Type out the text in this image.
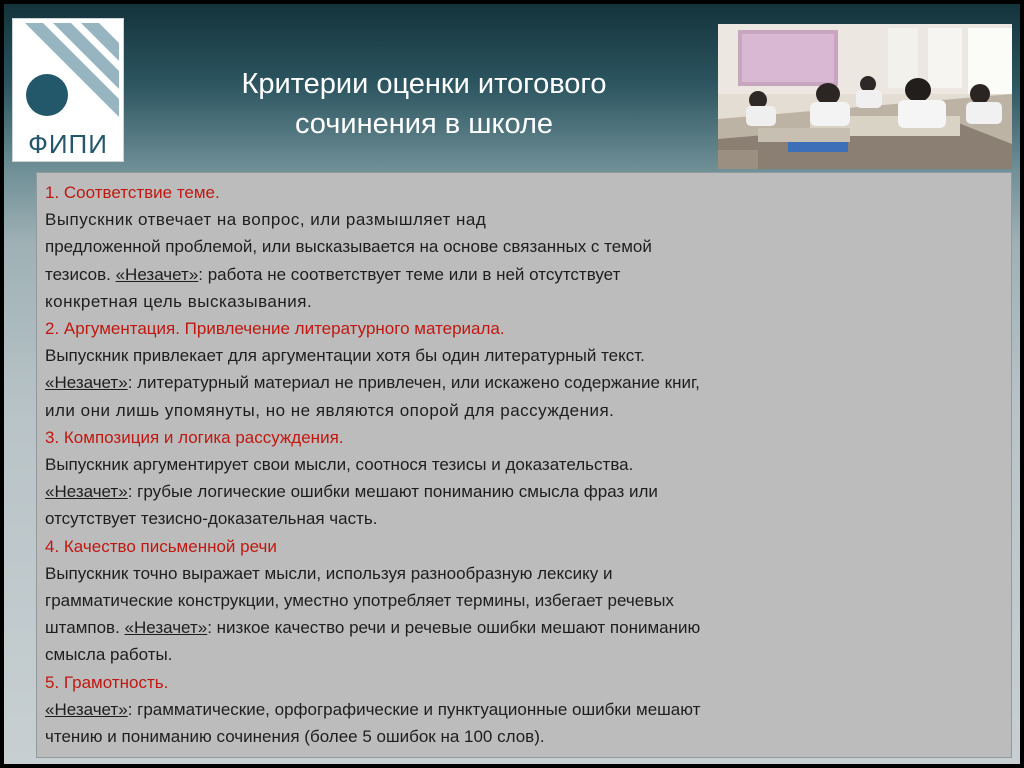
ФИПИ
Критерии оценки итогового
сочинения в школе
1. Соответствие теме.
Выпускник отвечает на вопрос, или размышляет над
предложенной проблемой, или высказывается на основе связанных с темой
тезисов. «Незачет»: работа не соответствует теме или в ней отсутствует
конкретная цель высказывания.
2. Аргументация. Привлечение литературного материала.
Выпускник привлекает для аргументации хотя бы один литературный текст.
«Незачет»: литературный материал не привлечен, или искажено содержание книг,
или они лишь упомянуты, но не являются опорой для рассуждения.
3. Композиция и логика рассуждения.
Выпускник аргументирует свои мысли, соотнося тезисы и доказательства.
«Незачет»: грубые логические ошибки мешают пониманию смысла фраз или
отсутствует тезисно-доказательная часть.
4. Качество письменной речи
Выпускник точно выражает мысли, используя разнообразную лексику и
грамматические конструкции, уместно употребляет термины, избегает речевых
штампов. «Незачет»: низкое качество речи и речевые ошибки мешают пониманию
смысла работы.
5. Грамотность.
«Незачет»: грамматические, орфографические и пунктуационные ошибки мешают
чтению и пониманию сочинения (более 5 ошибок на 100 слов).
